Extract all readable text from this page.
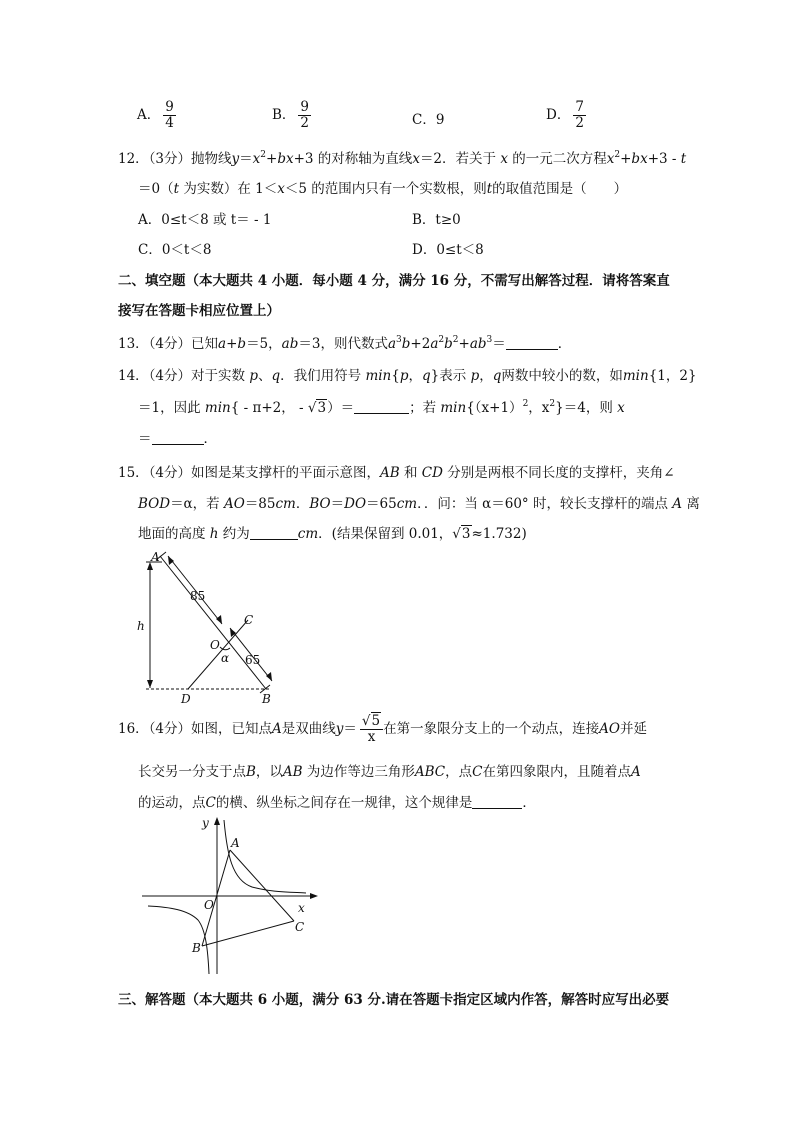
A． $\frac{9}{4}$	B． $\frac{9}{2}$	C．9	D． $\frac{7}{2}$
12．（3分）抛物线$y=x^2+bx+3$ 的对称轴为直线x＝2．若关于 x 的一元二次方程$x^2+bx+3 - t$
＝0（t 为实数）在 1＜x＜5 的范围内只有一个实数根，则t的取值范围是（　　）
A．0≤t＜8 或 t＝ - 1	B．t≥0
C．0＜t＜8	D．0≤t＜8
二、填空题（本大题共 4 小题．每小题 4 分，满分 16 分，不需写出解答过程．请将答案直
接写在答题卡相应位置上）
13．（4分）已知a+b＝5，ab＝3，则代数式$a^3b+2a^2b^2+ab^3=$	．
14．（4分）对于实数 p、q．我们用符号 min{p，q}表示 p，q两数中较小的数，如min{1，2}
＝1，因此 min{ - π+2， - √3）＝	；若 $\min\{(x+1)^2$，$x^2\}=4$，则 x
＝	．
15．（4分）如图是某支撑杆的平面示意图，AB 和 CD 分别是两根不同长度的支撑杆，夹角∠
BOD＝α，若 AO＝85cm．BO＝DO＝65cm．．问：当 α＝60° 时，较长支撑杆的端点 A 离
地面的高度 h 约为	cm．(结果保留到 0.01，√3≈1.732)
A
B
C
D
O
h
α
85
65
16．（4分）如图，已知点A是双曲线$y= \frac{√5}{x}$ 在第一象限分支上的一个动点，连接AO并延
长交另一分支于点B，以AB 为边作等边三角形ABC，点C在第四象限内，且随着点A
的运动，点C的横、纵坐标之间存在一规律，这个规律是	．
y
x
O
A
B
C
三、解答题（本大题共 6 小题，满分 63 分.请在答题卡指定区域内作答，解答时应写出必要
